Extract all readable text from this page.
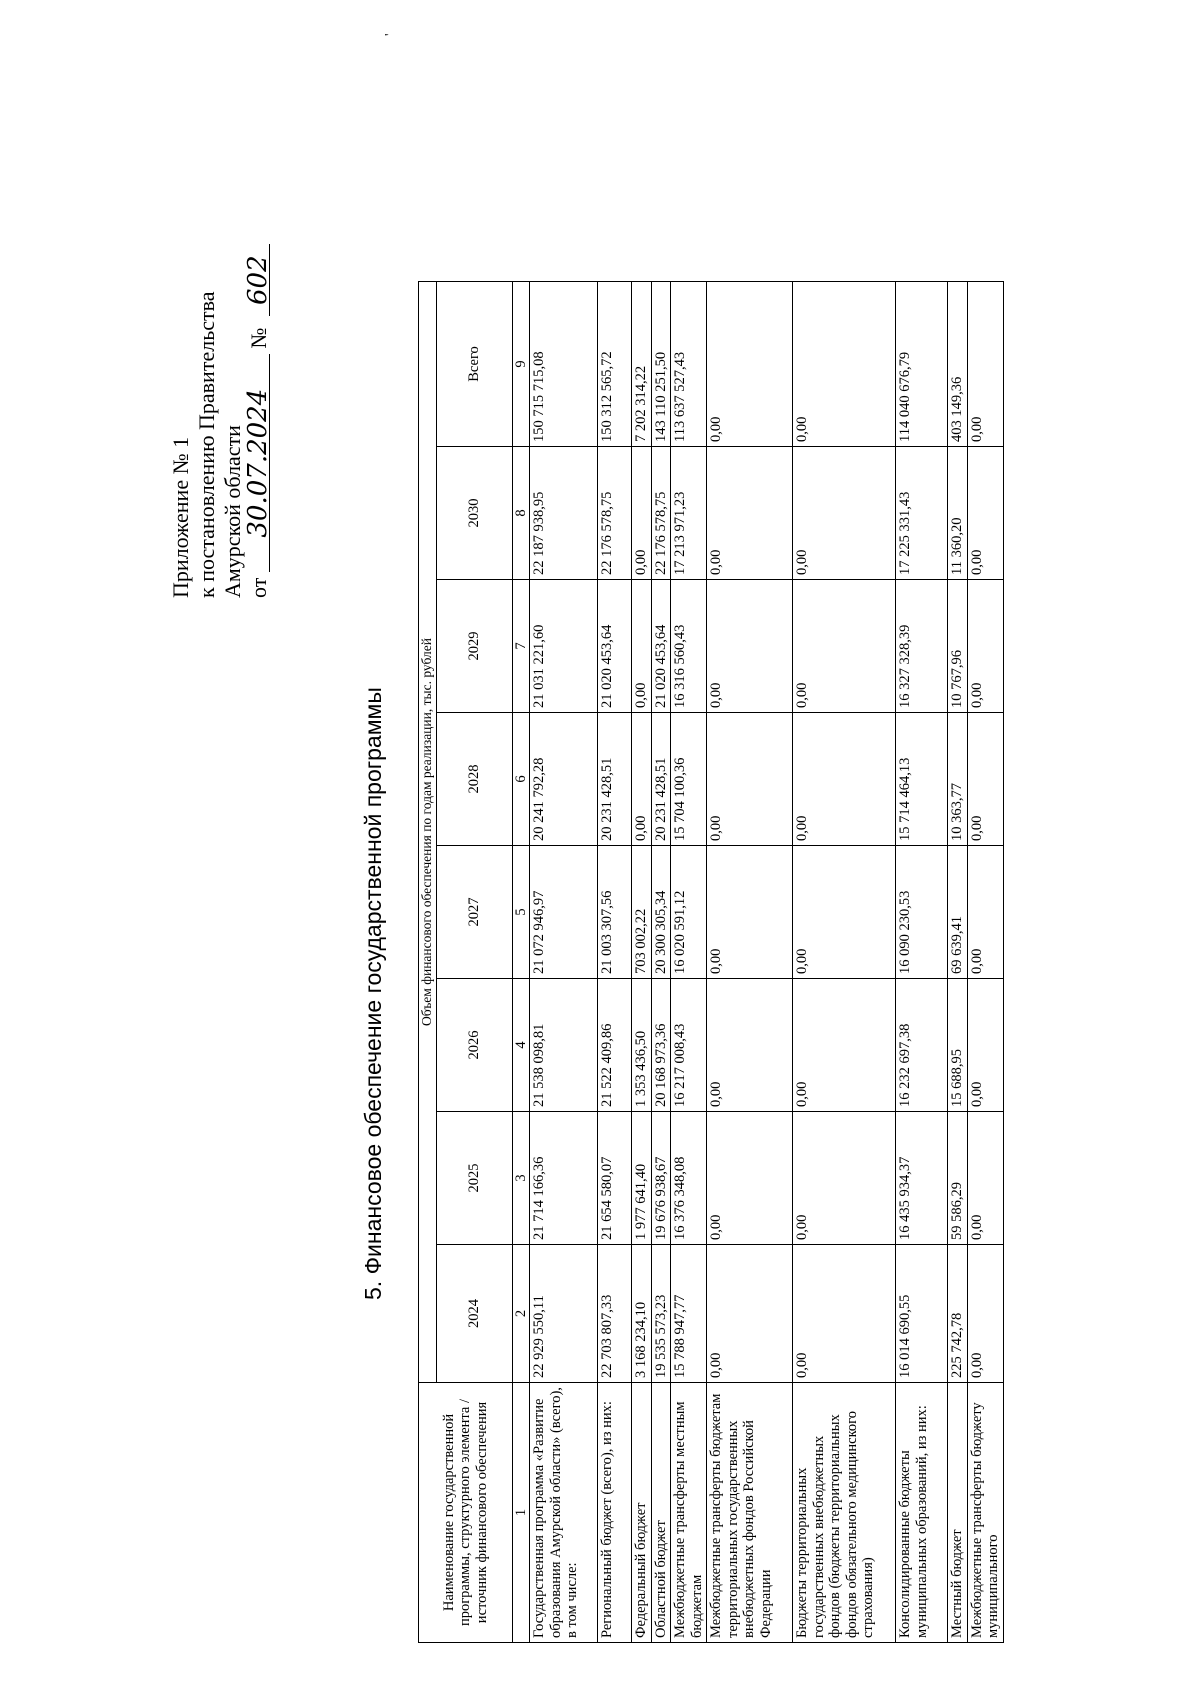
'
Приложение № 1 к постановлению Правительства Амурской области от 30.07.2024 № 602
5. Финансовое обеспечение государственной программы
Наименование государственной программы, структурного элемента / источник финансового обеспечения	Объем финансового обеспечения по годам реализации, тыс. рублей							
	2024	2025	2026	2027	2028	2029	2030	Всего
1	2	3	4	5	6	7	8	9
Государственная программа «Развитие образования Амурской области» (всего), в том числе:	22 929 550,11	21 714 166,36	21 538 098,81	21 072 946,97	20 241 792,28	21 031 221,60	22 187 938,95	150 715 715,08
Региональный бюджет (всего), из них:	22 703 807,33	21 654 580,07	21 522 409,86	21 003 307,56	20 231 428,51	21 020 453,64	22 176 578,75	150 312 565,72
Федеральный бюджет	3 168 234,10	1 977 641,40	1 353 436,50	703 002,22	0,00	0,00	0,00	7 202 314,22
Областной бюджет	19 535 573,23	19 676 938,67	20 168 973,36	20 300 305,34	20 231 428,51	21 020 453,64	22 176 578,75	143 110 251,50
Межбюджетные трансферты местным бюджетам	15 788 947,77	16 376 348,08	16 217 008,43	16 020 591,12	15 704 100,36	16 316 560,43	17 213 971,23	113 637 527,43
Межбюджетные трансферты бюджетам территориальных государственных внебюджетных фондов Российской Федерации	0,00	0,00	0,00	0,00	0,00	0,00	0,00	0,00
Бюджеты территориальных государственных внебюджетных фондов (бюджеты территориальных фондов обязательного медицинского страхования)	0,00	0,00	0,00	0,00	0,00	0,00	0,00	0,00
Консолидированные бюджеты муниципальных образований, из них:	16 014 690,55	16 435 934,37	16 232 697,38	16 090 230,53	15 714 464,13	16 327 328,39	17 225 331,43	114 040 676,79
Местный бюджет	225 742,78	59 586,29	15 688,95	69 639,41	10 363,77	10 767,96	11 360,20	403 149,36
Межбюджетные трансферты бюджету муниципального	0,00	0,00	0,00	0,00	0,00	0,00	0,00	0,00
